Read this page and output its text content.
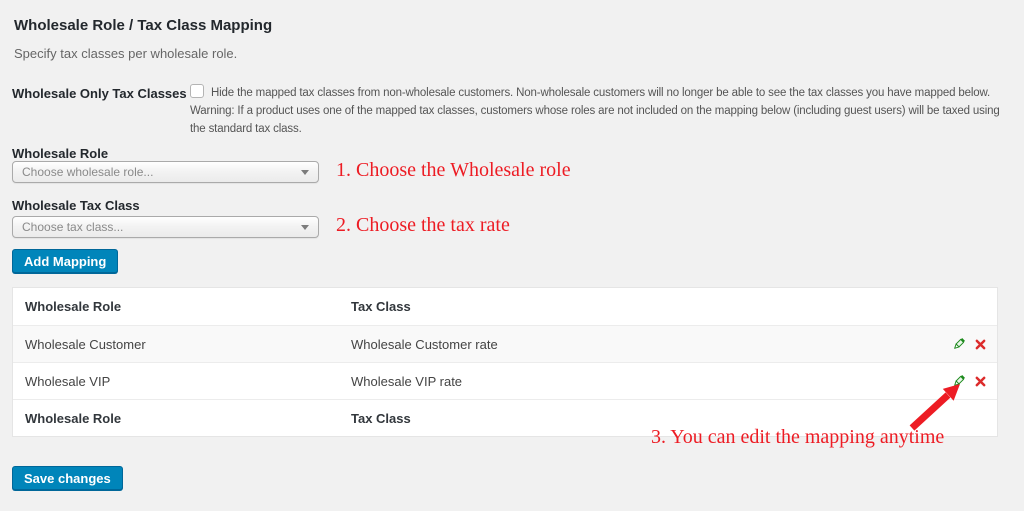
Wholesale Role / Tax Class Mapping

Specify tax classes per wholesale role.

Wholesale Only Tax Classes	Hide the mapped tax classes from non-wholesale customers. Non-wholesale customers will no longer be able to see the tax classes you have mapped below. Warning: If a product uses one of the mapped tax classes, customers whose roles are not included on the mapping below (including guest users) will be taxed using the standard tax class.
Wholesale Role
Choose wholesale role...	1. Choose the Wholesale role
Wholesale Tax Class
Choose tax class...	2. Choose the tax rate
Add Mapping
Wholesale Role	Tax Class
Wholesale Customer	Wholesale Customer rate
Wholesale VIP	Wholesale VIP rate
Wholesale Role	Tax Class
3. You can edit the mapping anytime
Save changes
